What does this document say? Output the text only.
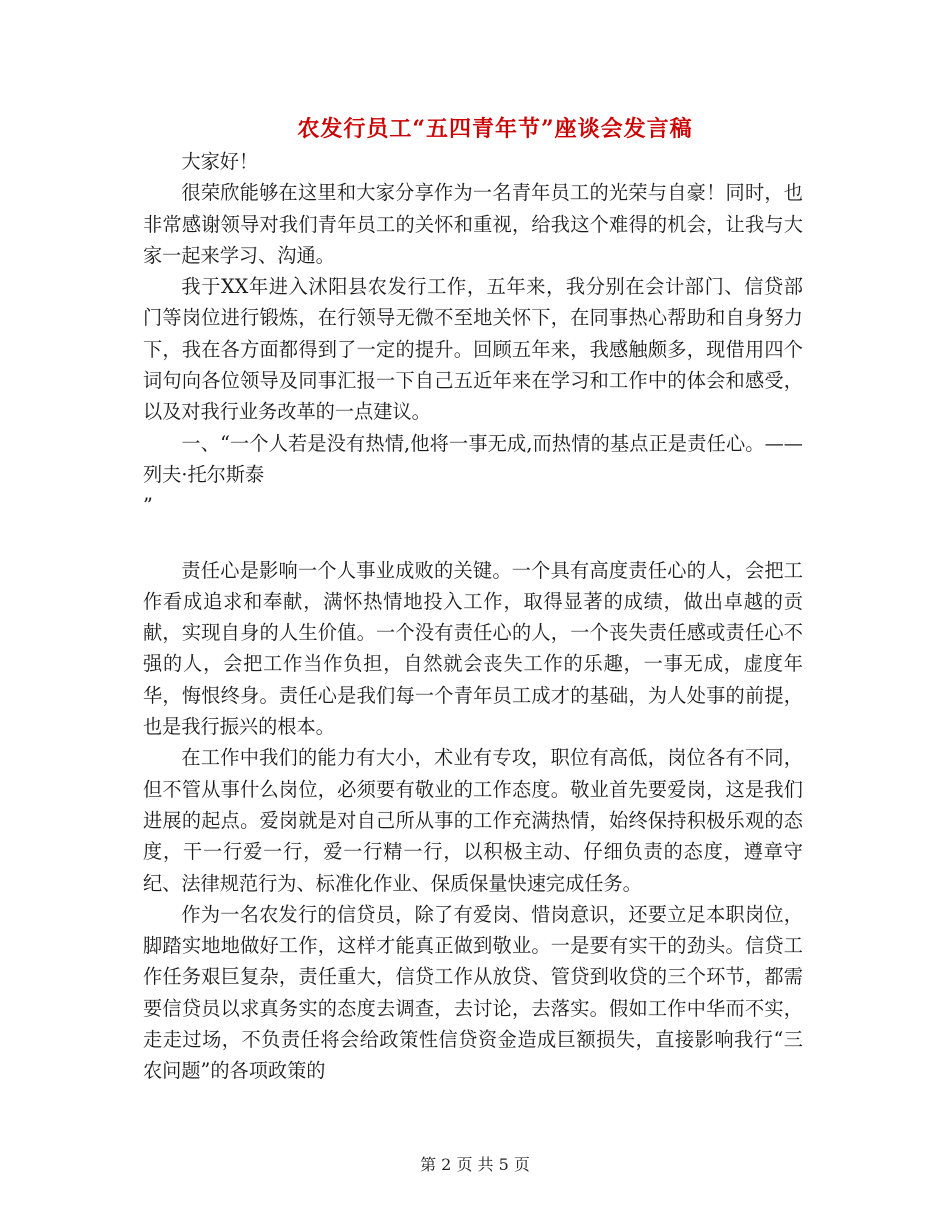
农发行员工“五四青年节”座谈会发言稿

大家好！

很荣欣能够在这里和大家分享作为一名青年员工的光荣与自豪！同时，也非常感谢领导对我们青年员工的关怀和重视，给我这个难得的机会，让我与大家一起来学习、沟通。

我于XX年进入沭阳县农发行工作，五年来，我分别在会计部门、信贷部门等岗位进行锻炼，在行领导无微不至地关怀下，在同事热心帮助和自身努力下，我在各方面都得到了一定的提升。回顾五年来，我感触颇多，现借用四个词句向各位领导及同事汇报一下自己五近年来在学习和工作中的体会和感受，以及对我行业务改革的一点建议。

一、“一个人若是没有热情,他将一事无成,而热情的基点正是责任心。——列夫·托尔斯泰

”

责任心是影响一个人事业成败的关键。一个具有高度责任心的人，会把工作看成追求和奉献，满怀热情地投入工作，取得显著的成绩，做出卓越的贡献，实现自身的人生价值。一个没有责任心的人，一个丧失责任感或责任心不强的人，会把工作当作负担，自然就会丧失工作的乐趣，一事无成，虚度年华，悔恨终身。责任心是我们每一个青年员工成才的基础，为人处事的前提，也是我行振兴的根本。

在工作中我们的能力有大小，术业有专攻，职位有高低，岗位各有不同，但不管从事什么岗位，必须要有敬业的工作态度。敬业首先要爱岗，这是我们进展的起点。爱岗就是对自己所从事的工作充满热情，始终保持积极乐观的态度，干一行爱一行，爱一行精一行，以积极主动、仔细负责的态度，遵章守纪、法律规范行为、标准化作业、保质保量快速完成任务。

作为一名农发行的信贷员，除了有爱岗、惜岗意识，还要立足本职岗位，脚踏实地地做好工作，这样才能真正做到敬业。一是要有实干的劲头。信贷工作任务艰巨复杂，责任重大，信贷工作从放贷、管贷到收贷的三个环节，都需要信贷员以求真务实的态度去调查，去讨论，去落实。假如工作中华而不实，走走过场，不负责任将会给政策性信贷资金造成巨额损失，直接影响我行“三农问题”的各项政策的

第 2 页 共 5 页
